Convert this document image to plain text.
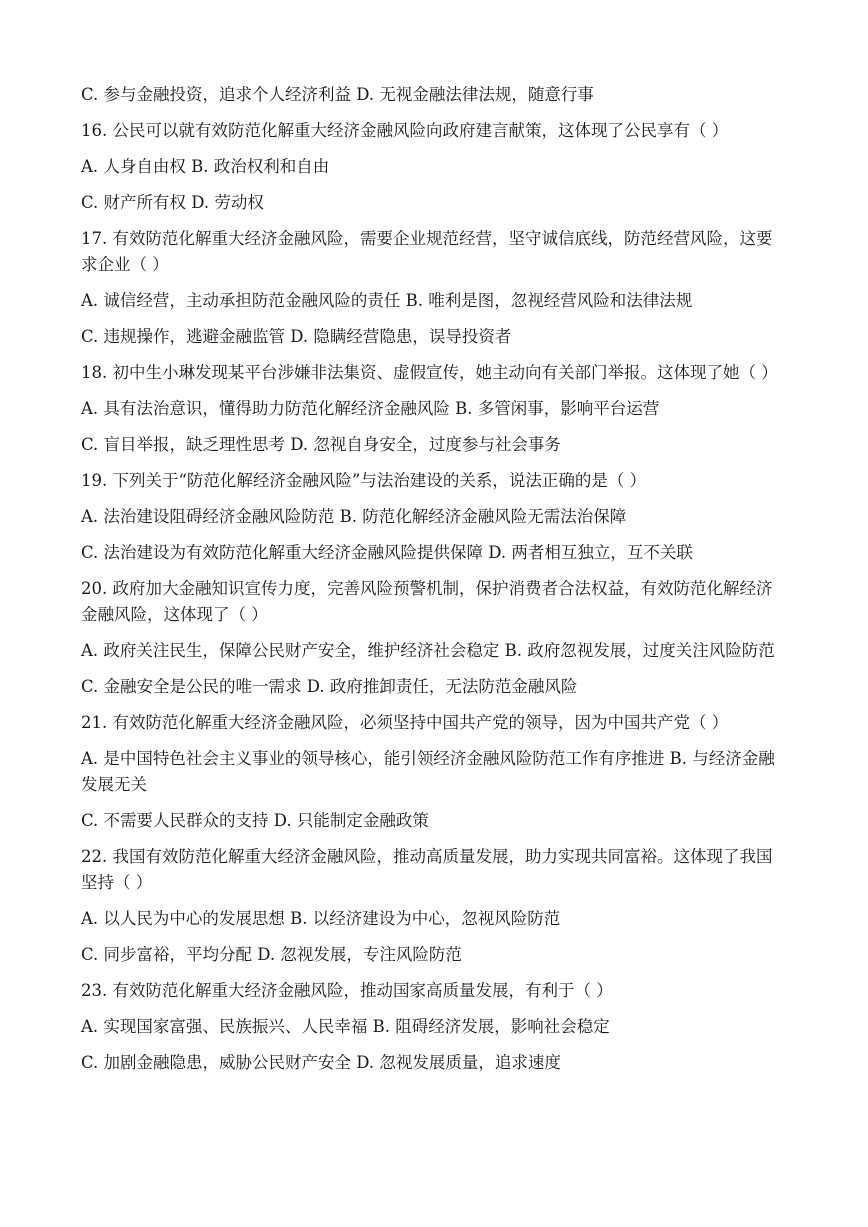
C. 参与金融投资，追求个人经济利益 D. 无视金融法律法规，随意行事

16. 公民可以就有效防范化解重大经济金融风险向政府建言献策，这体现了公民享有（ ）

A. 人身自由权 B. 政治权利和自由

C. 财产所有权 D. 劳动权

17. 有效防范化解重大经济金融风险，需要企业规范经营，坚守诚信底线，防范经营风险，这要求企业（ ）

A. 诚信经营，主动承担防范金融风险的责任 B. 唯利是图，忽视经营风险和法律法规

C. 违规操作，逃避金融监管 D. 隐瞒经营隐患，误导投资者

18. 初中生小琳发现某平台涉嫌非法集资、虚假宣传，她主动向有关部门举报。这体现了她（ ）

A. 具有法治意识，懂得助力防范化解经济金融风险 B. 多管闲事，影响平台运营

C. 盲目举报，缺乏理性思考 D. 忽视自身安全，过度参与社会事务

19. 下列关于“防范化解经济金融风险”与法治建设的关系，说法正确的是（ ）

A. 法治建设阻碍经济金融风险防范 B. 防范化解经济金融风险无需法治保障

C. 法治建设为有效防范化解重大经济金融风险提供保障 D. 两者相互独立，互不关联

20. 政府加大金融知识宣传力度，完善风险预警机制，保护消费者合法权益，有效防范化解经济金融风险，这体现了（ ）

A. 政府关注民生，保障公民财产安全，维护经济社会稳定 B. 政府忽视发展，过度关注风险防范

C. 金融安全是公民的唯一需求 D. 政府推卸责任，无法防范金融风险

21. 有效防范化解重大经济金融风险，必须坚持中国共产党的领导，因为中国共产党（ ）

A. 是中国特色社会主义事业的领导核心，能引领经济金融风险防范工作有序推进 B. 与经济金融发展无关

C. 不需要人民群众的支持 D. 只能制定金融政策

22. 我国有效防范化解重大经济金融风险，推动高质量发展，助力实现共同富裕。这体现了我国坚持（ ）

A. 以人民为中心的发展思想 B. 以经济建设为中心，忽视风险防范

C. 同步富裕，平均分配 D. 忽视发展，专注风险防范

23. 有效防范化解重大经济金融风险，推动国家高质量发展，有利于（ ）

A. 实现国家富强、民族振兴、人民幸福 B. 阻碍经济发展，影响社会稳定

C. 加剧金融隐患，威胁公民财产安全 D. 忽视发展质量，追求速度
